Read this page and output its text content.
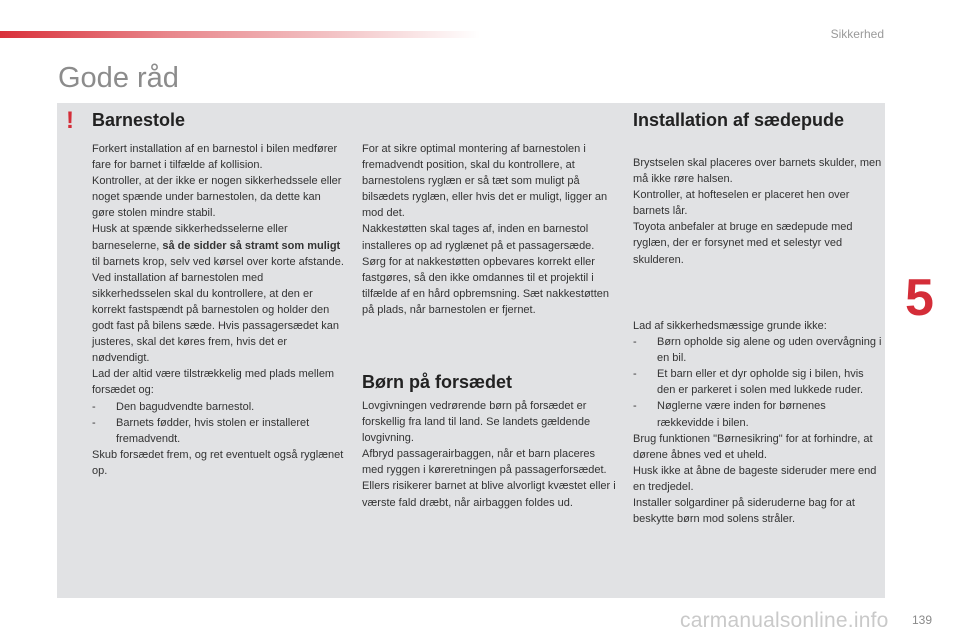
Sikkerhed
Gode råd
! Barnestole

Forkert installation af en barnestol i bilen medfører fare for barnet i tilfælde af kollision.

Kontroller, at der ikke er nogen sikkerhedssele eller noget spænde under barnestolen, da dette kan gøre stolen mindre stabil.

Husk at spænde sikkerhedsselerne eller barneselerne, så de sidder så stramt som muligt til barnets krop, selv ved kørsel over korte afstande.

Ved installation af barnestolen med sikkerhedsselen skal du kontrollere, at den er korrekt fastspændt på barnestolen og holder den godt fast på bilens sæde. Hvis passagersædet kan justeres, skal det køres frem, hvis det er nødvendigt.

Lad der altid være tilstrækkelig med plads mellem forsædet og:

- Den bagudvendte barnestol.
- Barnets fødder, hvis stolen er installeret fremadvendt.

Skub forsædet frem, og ret eventuelt også ryglænet op.

For at sikre optimal montering af barnestolen i fremadvendt position, skal du kontrollere, at barnestolens ryglæn er så tæt som muligt på bilsædets ryglæn, eller hvis det er muligt, ligger an mod det.

Nakkestøtten skal tages af, inden en barnestol installeres op ad ryglænet på et passagersæde.

Sørg for at nakkestøtten opbevares korrekt eller fastgøres, så den ikke omdannes til et projektil i tilfælde af en hård opbremsning. Sæt nakkestøtten på plads, når barnestolen er fjernet.

Børn på forsædet

Lovgivningen vedrørende børn på forsædet er forskellig fra land til land. Se landets gældende lovgivning.

Afbryd passagerairbaggen, når et barn placeres med ryggen i køreretningen på passagerforsædet. Ellers risikerer barnet at blive alvorligt kvæstet eller i værste fald dræbt, når airbaggen foldes ud.

Installation af sædepude

Brystselen skal placeres over barnets skulder, men må ikke røre halsen.

Kontroller, at hofteselen er placeret hen over barnets lår.

Toyota anbefaler at bruge en sædepude med ryglæn, der er forsynet med et selestyr ved skulderen.

Lad af sikkerhedsmæssige grunde ikke:

- Børn opholde sig alene og uden overvågning i en bil.
- Et barn eller et dyr opholde sig i bilen, hvis den er parkeret i solen med lukkede ruder.
- Nøglerne være inden for børnenes rækkevidde i bilen.

Brug funktionen "Børnesikring" for at forhindre, at dørene åbnes ved et uheld.

Husk ikke at åbne de bageste sideruder mere end en tredjedel.

Installer solgardiner på sideruderne bag for at beskytte børn mod solens stråler.

5
carmanualsonline.info 139
